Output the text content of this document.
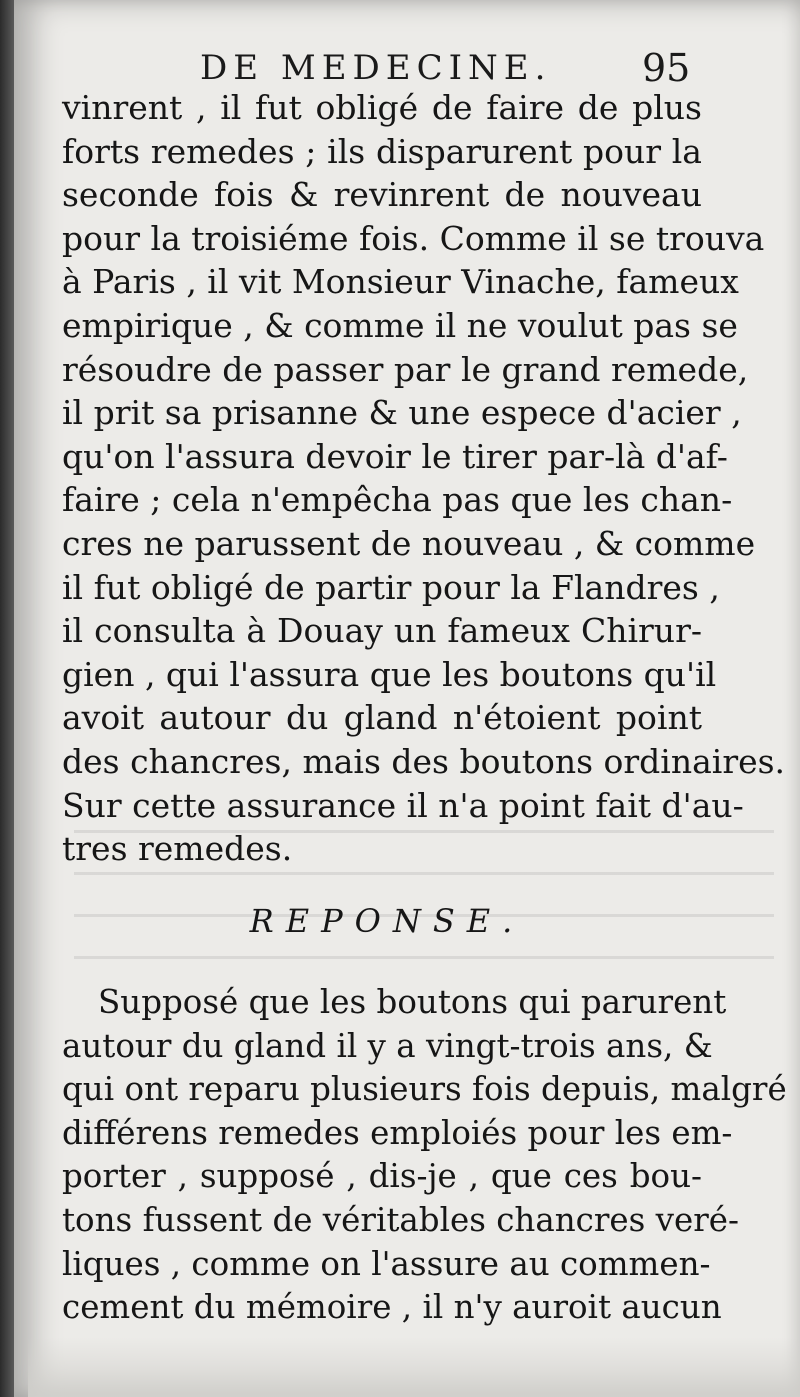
DE MEDECINE. 95
vinrent , il fut obligé de faire de plus
forts remedes ; ils disparurent pour la
seconde fois & revinrent de nouveau
pour la troisiéme fois. Comme il se trouva
à Paris , il vit Monsieur Vinache, fameux
empirique , & comme il ne voulut pas se
résoudre de passer par le grand remede,
il prit sa prisanne & une espece d'acier ,
qu'on l'assura devoir le tirer par-là d'af-
faire ; cela n'empêcha pas que les chan-
cres ne parussent de nouveau , & comme
il fut obligé de partir pour la Flandres ,
il consulta à Douay un fameux Chirur-
gien , qui l'assura que les boutons qu'il
avoit autour du gland n'étoient point
des chancres, mais des boutons ordinaires.
Sur cette assurance il n'a point fait d'au-
tres remedes.
REPONSE.
Supposé que les boutons qui parurent
autour du gland il y a vingt-trois ans, &
qui ont reparu plusieurs fois depuis, malgré
différens remedes emploiés pour les em-
porter , supposé , dis-je , que ces bou-
tons fussent de véritables chancres veré-
liques , comme on l'assure au commen-
cement du mémoire , il n'y auroit aucun
